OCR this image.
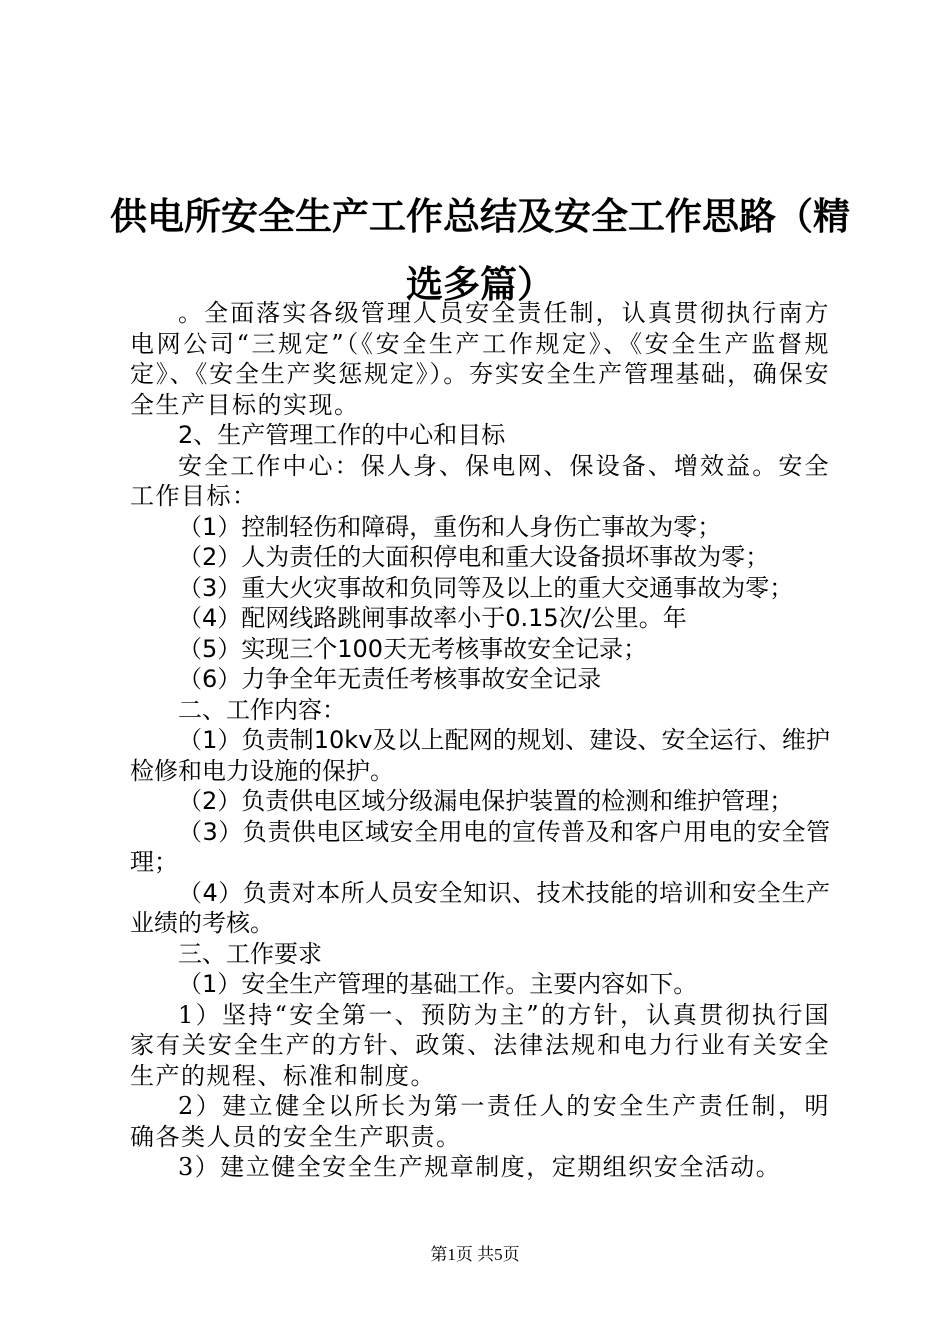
供电所安全生产工作总结及安全工作思路（精选多篇）

。全面落实各级管理人员安全责任制，认真贯彻执行南方电网公司“三规定”（《安全生产工作规定》、《安全生产监督规定》、《安全生产奖惩规定》）。夯实安全生产管理基础，确保安全生产目标的实现。

2、生产管理工作的中心和目标

安全工作中心：保人身、保电网、保设备、增效益。安全工作目标：

（1）控制轻伤和障碍，重伤和人身伤亡事故为零；

（2）人为责任的大面积停电和重大设备损坏事故为零；

（3）重大火灾事故和负同等及以上的重大交通事故为零；

（4）配网线路跳闸事故率小于0.15次/公里。年

（5）实现三个100天无考核事故安全记录；

（6）力争全年无责任考核事故安全记录

二、工作内容：

（1）负责制10kv及以上配网的规划、建设、安全运行、维护检修和电力设施的保护。

（2）负责供电区域分级漏电保护装置的检测和维护管理；

（3）负责供电区域安全用电的宣传普及和客户用电的安全管理；

（4）负责对本所人员安全知识、技术技能的培训和安全生产业绩的考核。

三、工作要求

（1）安全生产管理的基础工作。主要内容如下。

1）坚持“安全第一、预防为主”的方针，认真贯彻执行国家有关安全生产的方针、政策、法律法规和电力行业有关安全生产的规程、标准和制度。

2）建立健全以所长为第一责任人的安全生产责任制，明确各类人员的安全生产职责。

3）建立健全安全生产规章制度，定期组织安全活动。

第1页 共5页
